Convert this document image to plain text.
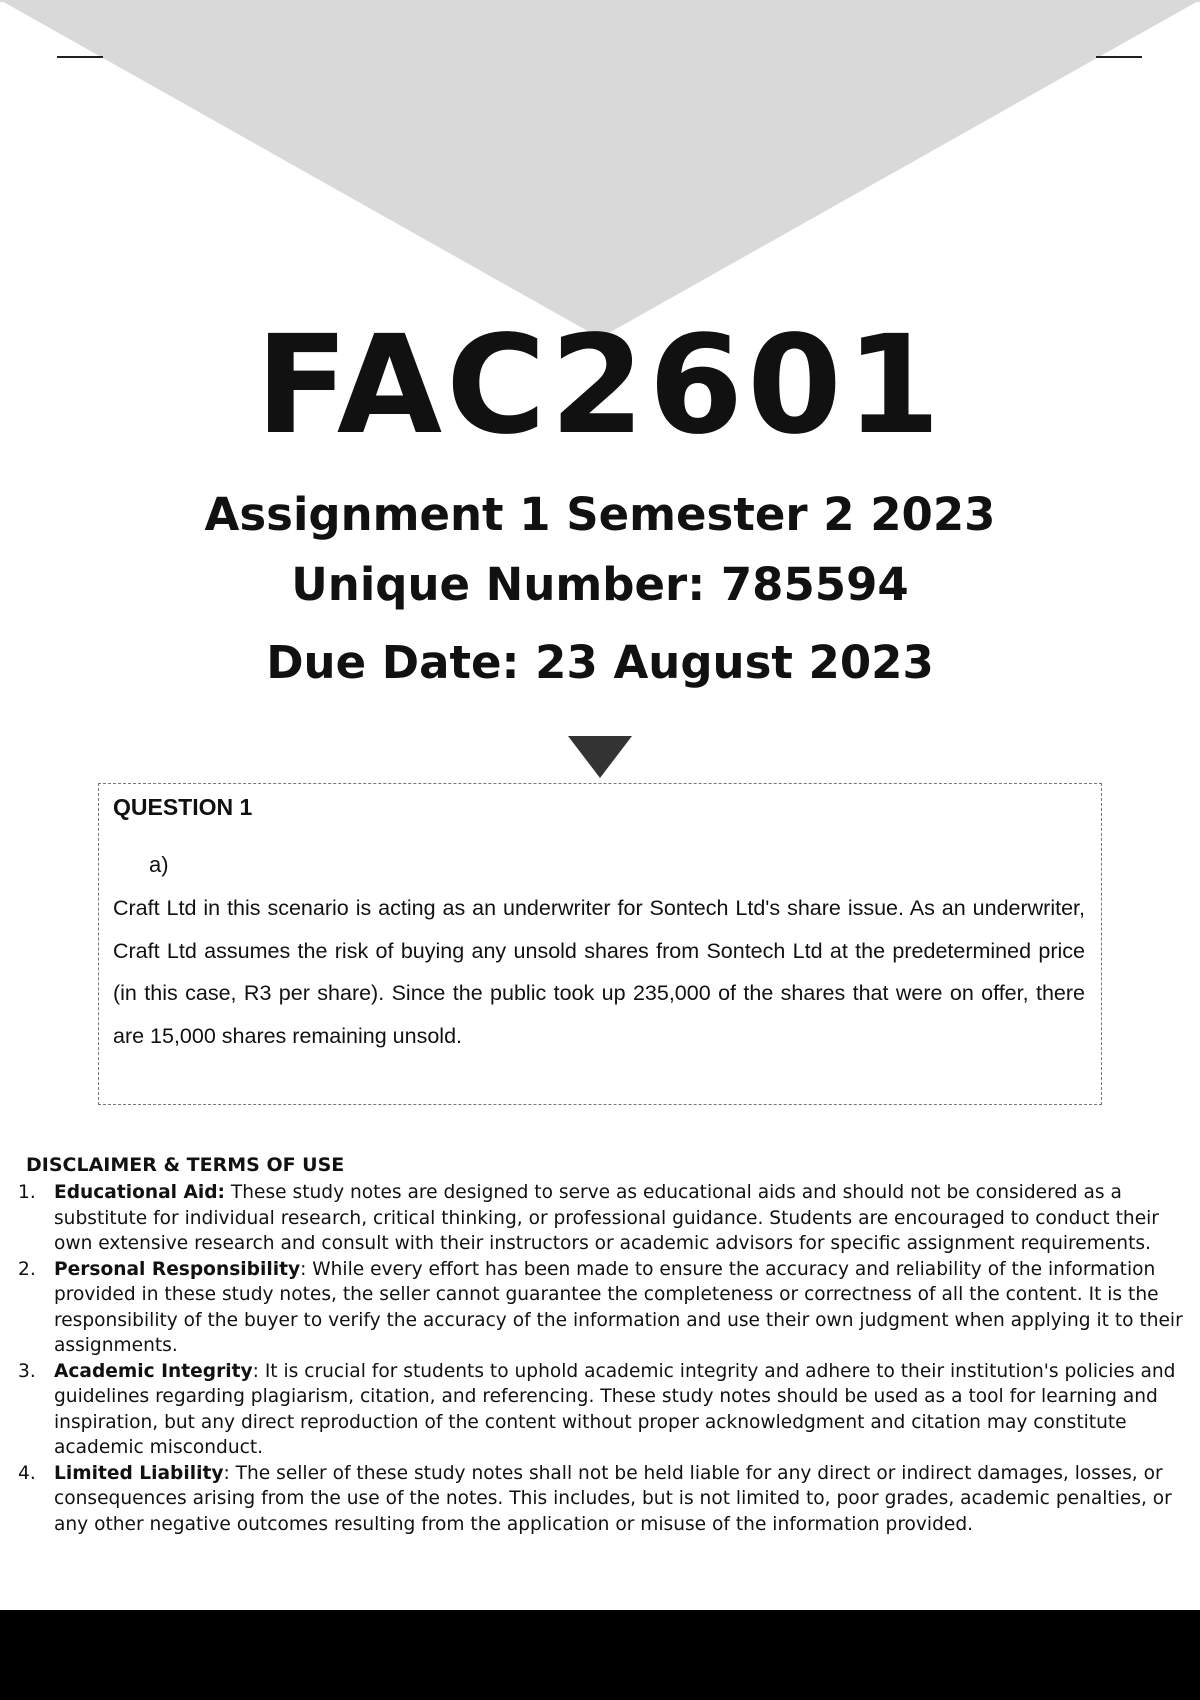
FAC2601
Assignment 1 Semester 2 2023
Unique Number: 785594
Due Date: 23 August 2023
QUESTION 1
a)

Craft Ltd in this scenario is acting as an underwriter for Sontech Ltd's share issue. As an underwriter, Craft Ltd assumes the risk of buying any unsold shares from Sontech Ltd at the predetermined price (in this case, R3 per share). Since the public took up 235,000 of the shares that were on offer, there are 15,000 shares remaining unsold.

DISCLAIMER & TERMS OF USE
1. Educational Aid: These study notes are designed to serve as educational aids and should not be considered as a substitute for individual research, critical thinking, or professional guidance. Students are encouraged to conduct their own extensive research and consult with their instructors or academic advisors for specific assignment requirements.
2. Personal Responsibility: While every effort has been made to ensure the accuracy and reliability of the information provided in these study notes, the seller cannot guarantee the completeness or correctness of all the content. It is the responsibility of the buyer to verify the accuracy of the information and use their own judgment when applying it to their assignments.
3. Academic Integrity: It is crucial for students to uphold academic integrity and adhere to their institution's policies and guidelines regarding plagiarism, citation, and referencing. These study notes should be used as a tool for learning and inspiration, but any direct reproduction of the content without proper acknowledgment and citation may constitute academic misconduct.
4. Limited Liability: The seller of these study notes shall not be held liable for any direct or indirect damages, losses, or consequences arising from the use of the notes. This includes, but is not limited to, poor grades, academic penalties, or any other negative outcomes resulting from the application or misuse of the information provided.
